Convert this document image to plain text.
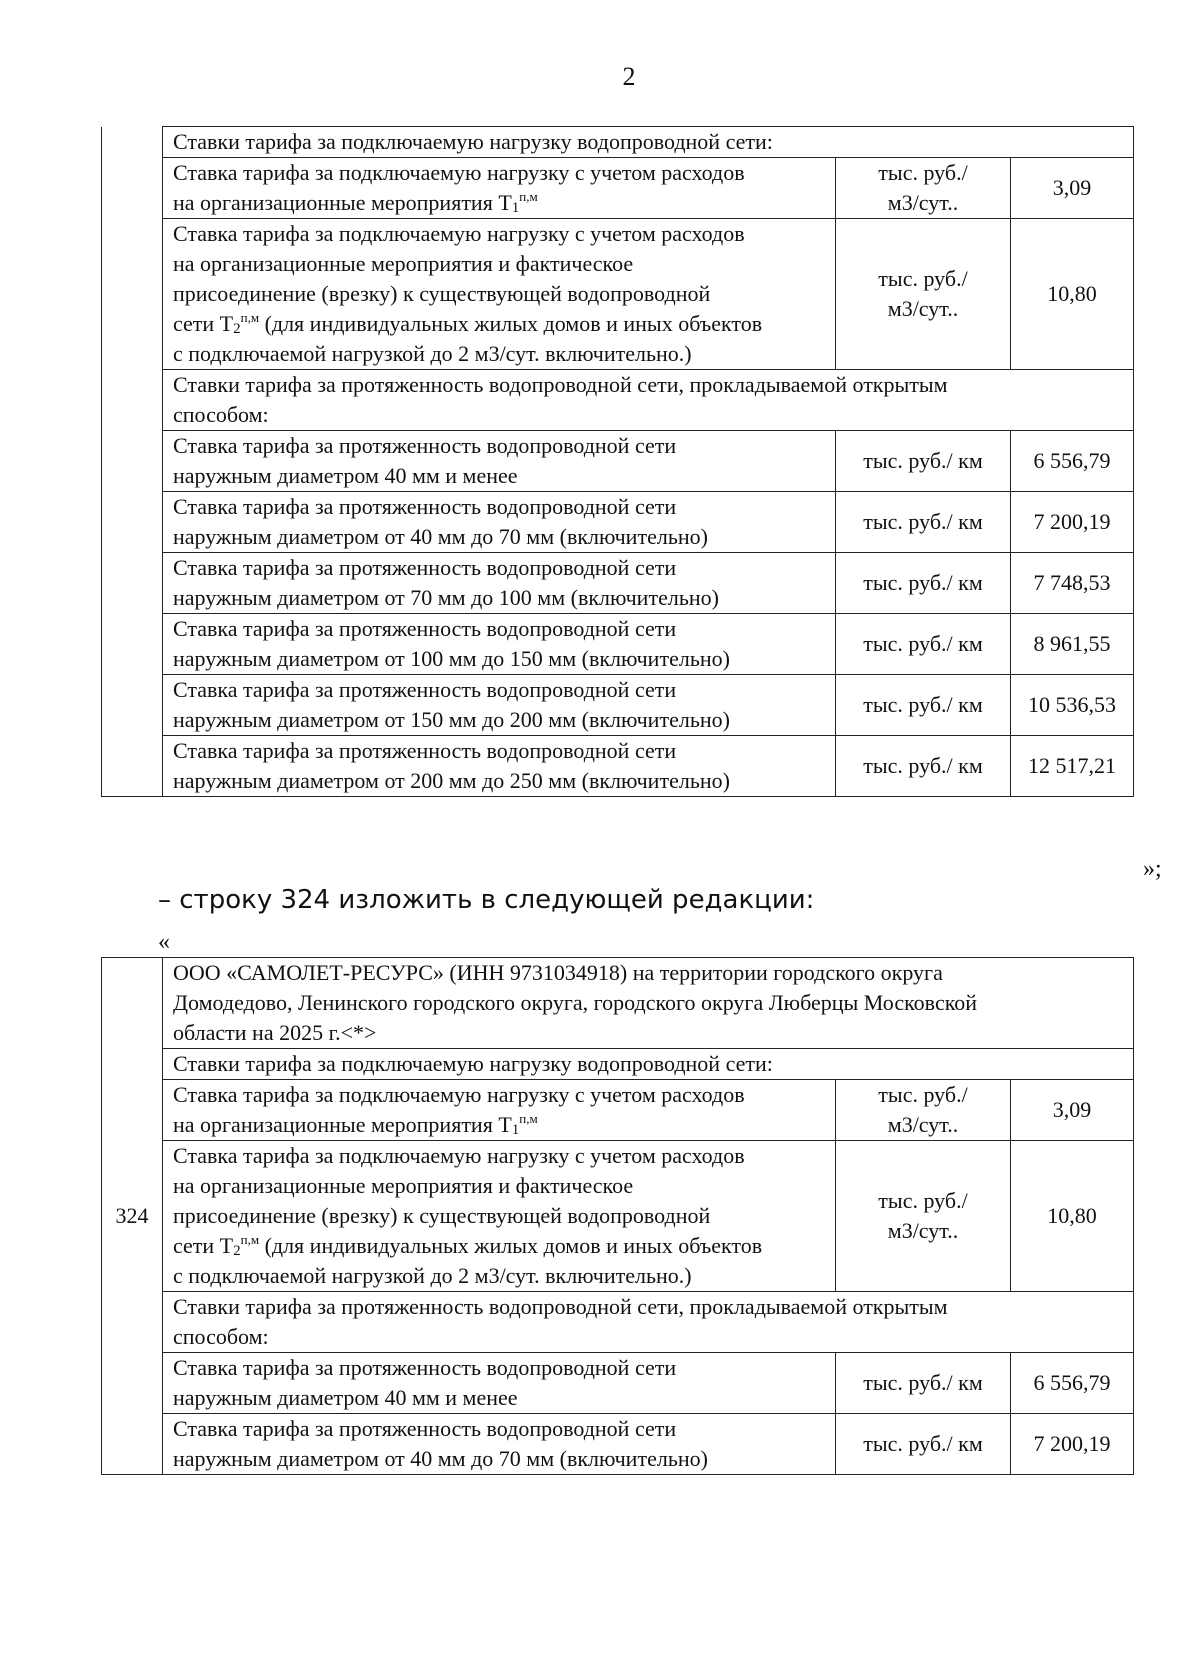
2
	Ставки тарифа за подключаемую нагрузку водопроводной сети:		
	Ставка тарифа за подключаемую нагрузку с учетом расходов
на организационные мероприятия $Т_1^{п,м}$	тыс. руб./
м3/сут..	3,09
	Ставка тарифа за подключаемую нагрузку с учетом расходов
на организационные мероприятия и фактическое
присоединение (врезку) к существующей водопроводной
сети $Т_2^{п,м}$ (для индивидуальных жилых домов и иных объектов
с подключаемой нагрузкой до 2 м3/сут. включительно.)	тыс. руб./
м3/сут..	10,80
	Ставки тарифа за протяженность водопроводной сети, прокладываемой открытым
способом:		
	Ставка тарифа за протяженность водопроводной сети
наружным диаметром 40 мм и менее	тыс. руб./ км	6 556,79
	Ставка тарифа за протяженность водопроводной сети
наружным диаметром от 40 мм до 70 мм (включительно)	тыс. руб./ км	7 200,19
	Ставка тарифа за протяженность водопроводной сети
наружным диаметром от 70 мм до 100 мм (включительно)	тыс. руб./ км	7 748,53
	Ставка тарифа за протяженность водопроводной сети
наружным диаметром от 100 мм до 150 мм (включительно)	тыс. руб./ км	8 961,55
	Ставка тарифа за протяженность водопроводной сети
наружным диаметром от 150 мм до 200 мм (включительно)	тыс. руб./ км	10 536,53
	Ставка тарифа за протяженность водопроводной сети
наружным диаметром от 200 мм до 250 мм (включительно)	тыс. руб./ км	12 517,21
»;
– строку 324 изложить в следующей редакции:
«
324	ООО «САМОЛЕТ-РЕСУРС» (ИНН 9731034918) на территории городского округа
Домодедово, Ленинского городского округа, городского округа Люберцы Московской
области на 2025 г.<*>		
	Ставки тарифа за подключаемую нагрузку водопроводной сети:		
	Ставка тарифа за подключаемую нагрузку с учетом расходов
на организационные мероприятия $Т_1^{п,м}$	тыс. руб./
м3/сут..	3,09
	Ставка тарифа за подключаемую нагрузку с учетом расходов
на организационные мероприятия и фактическое
присоединение (врезку) к существующей водопроводной
сети $Т_2^{п,м}$ (для индивидуальных жилых домов и иных объектов
с подключаемой нагрузкой до 2 м3/сут. включительно.)	тыс. руб./
м3/сут..	10,80
	Ставки тарифа за протяженность водопроводной сети, прокладываемой открытым
способом:		
	Ставка тарифа за протяженность водопроводной сети
наружным диаметром 40 мм и менее	тыс. руб./ км	6 556,79
	Ставка тарифа за протяженность водопроводной сети
наружным диаметром от 40 мм до 70 мм (включительно)	тыс. руб./ км	7 200,19
